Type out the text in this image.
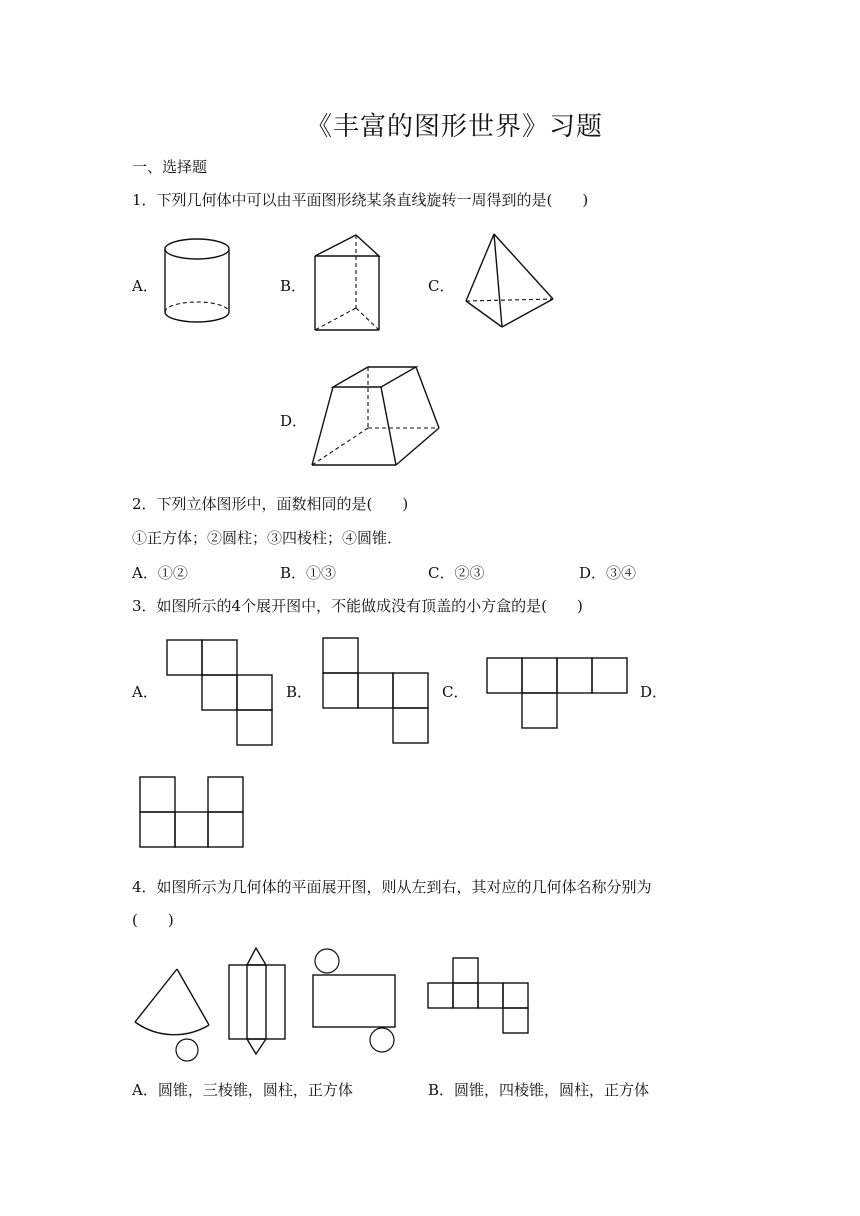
《丰富的图形世界》习题
一、选择题
1．下列几何体中可以由平面图形绕某条直线旋转一周得到的是(　　)
A．	B．	C．
D．
2．下列立体图形中，面数相同的是(　　)
①正方体；②圆柱；③四棱柱；④圆锥．
A．①②	B．①③	C．②③	D．③④
3．如图所示的4个展开图中，不能做成没有顶盖的小方盒的是(　　)
A．	B．	C．	D．
4．如图所示为几何体的平面展开图，则从左到右，其对应的几何体名称分别为
(　　)
A．圆锥，三棱锥，圆柱，正方体	B．圆锥，四棱锥，圆柱，正方体
